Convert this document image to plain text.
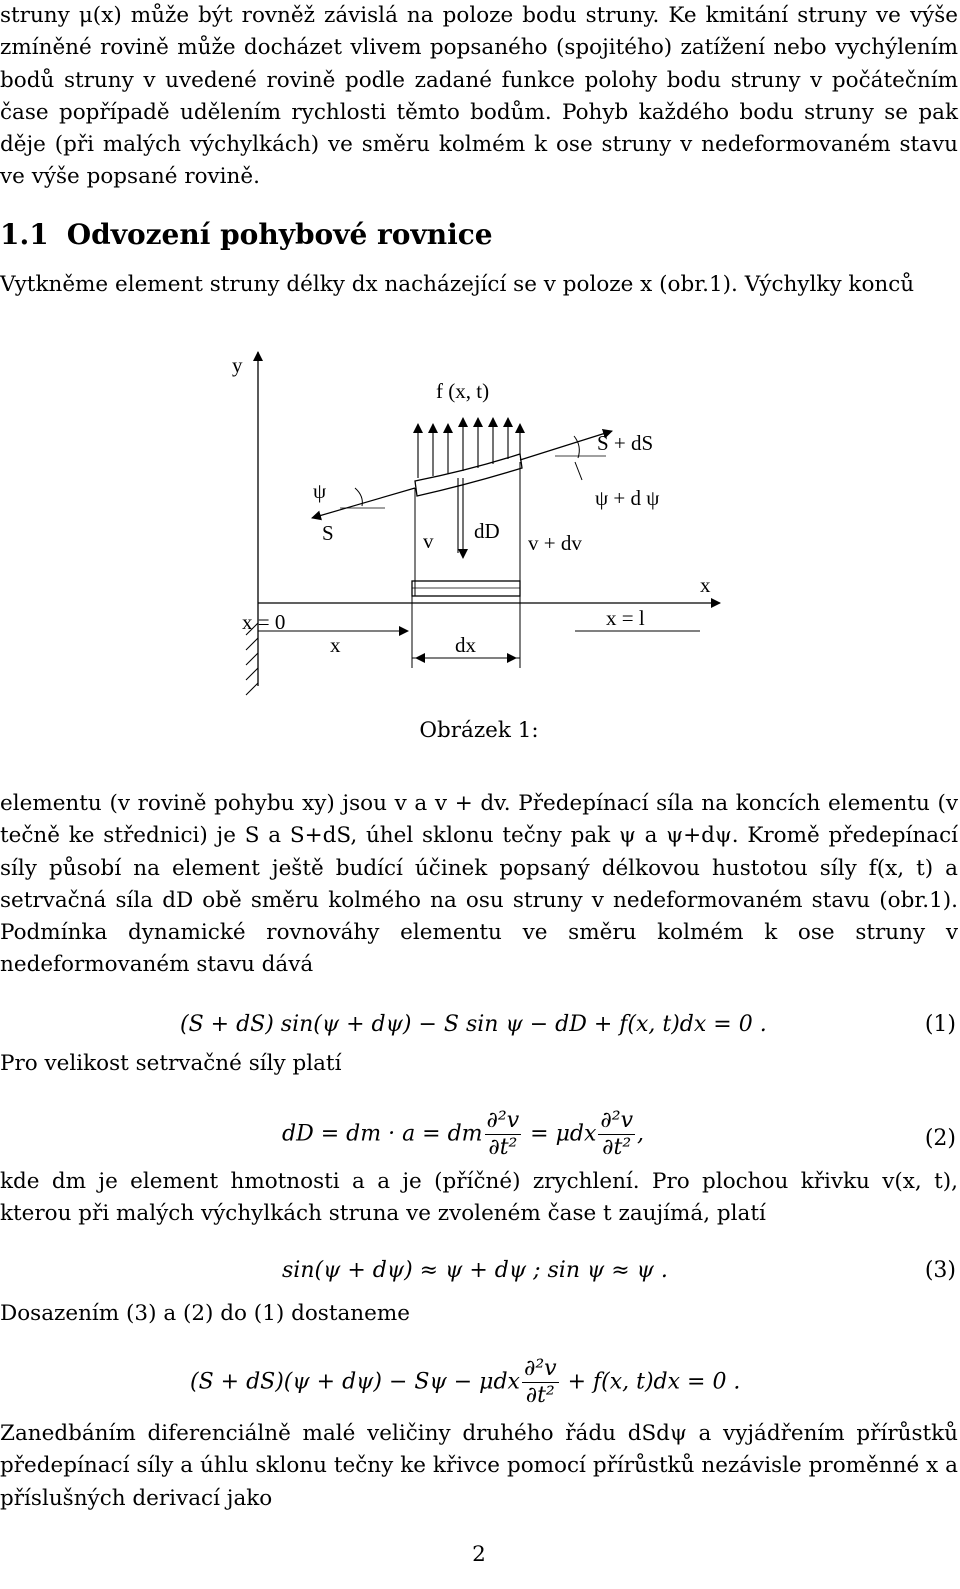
struny μ(x) může být rovněž závislá na poloze bodu struny. Ke kmitání struny ve výše zmíněné rovině může docházet vlivem popsaného (spojitého) zatížení nebo vychýlením bodů struny v uvedené rovině podle zadané funkce polohy bodu struny v počátečním čase popřípadě udělením rychlosti těmto bodům. Pohyb každého bodu struny se pak děje (při malých výchylkách) ve směru kolmém k ose struny v nedeformovaném stavu ve výše popsané rovině.

1.1 Odvození pohybové rovnice

Vytkněme element struny délky dx nacházející se v poloze x (obr.1). Výchylky konců

y
f (x, t)
S + dS
ψ	ψ + d ψ
S	v dD v + dv
x
x = 0	x = l
x	dx
Obrázek 1:

elementu (v rovině pohybu xy) jsou v a v + dv. Předepínací síla na koncích elementu (v tečně ke střednici) je S a S+dS, úhel sklonu tečny pak ψ a ψ+dψ. Kromě předepínací síly působí na element ještě budící účinek popsaný délkovou hustotou síly f(x, t) a setrvačná síla dD obě směru kolmého na osu struny v nedeformovaném stavu (obr.1). Podmínka dynamické rovnováhy elementu ve směru kolmém k ose struny v nedeformovaném stavu dává

(S + dS) sin(ψ + dψ) − S sin ψ − dD + f(x, t)dx = 0 .	(1)

Pro velikost setrvačné síly platí

dD = dm · a = dm $\frac{\text{∂²v}}{\text{∂t²}} = \mu dx \frac{\text{∂²v}}{\text{∂t²}}$ ,	(2)

kde dm je element hmotnosti a a je (příčné) zrychlení. Pro plochou křivku v(x, t), kterou při malých výchylkách struna ve zvoleném čase t zaujímá, platí

sin(ψ + dψ) ≈ ψ + dψ ; sin ψ ≈ ψ .	(3)

Dosazením (3) a (2) do (1) dostaneme

(S + dS)(ψ + dψ) − Sψ − μdx $\frac{\text{∂²v}}{\text{∂t²}} + f(x$, t)dx = 0 .

Zanedbáním diferenciálně malé veličiny druhého řádu dSdψ a vyjádřením přírůstků předepínací síly a úhlu sklonu tečny ke křivce pomocí přírůstků nezávisle proměnné x a příslušných derivací jako

2
